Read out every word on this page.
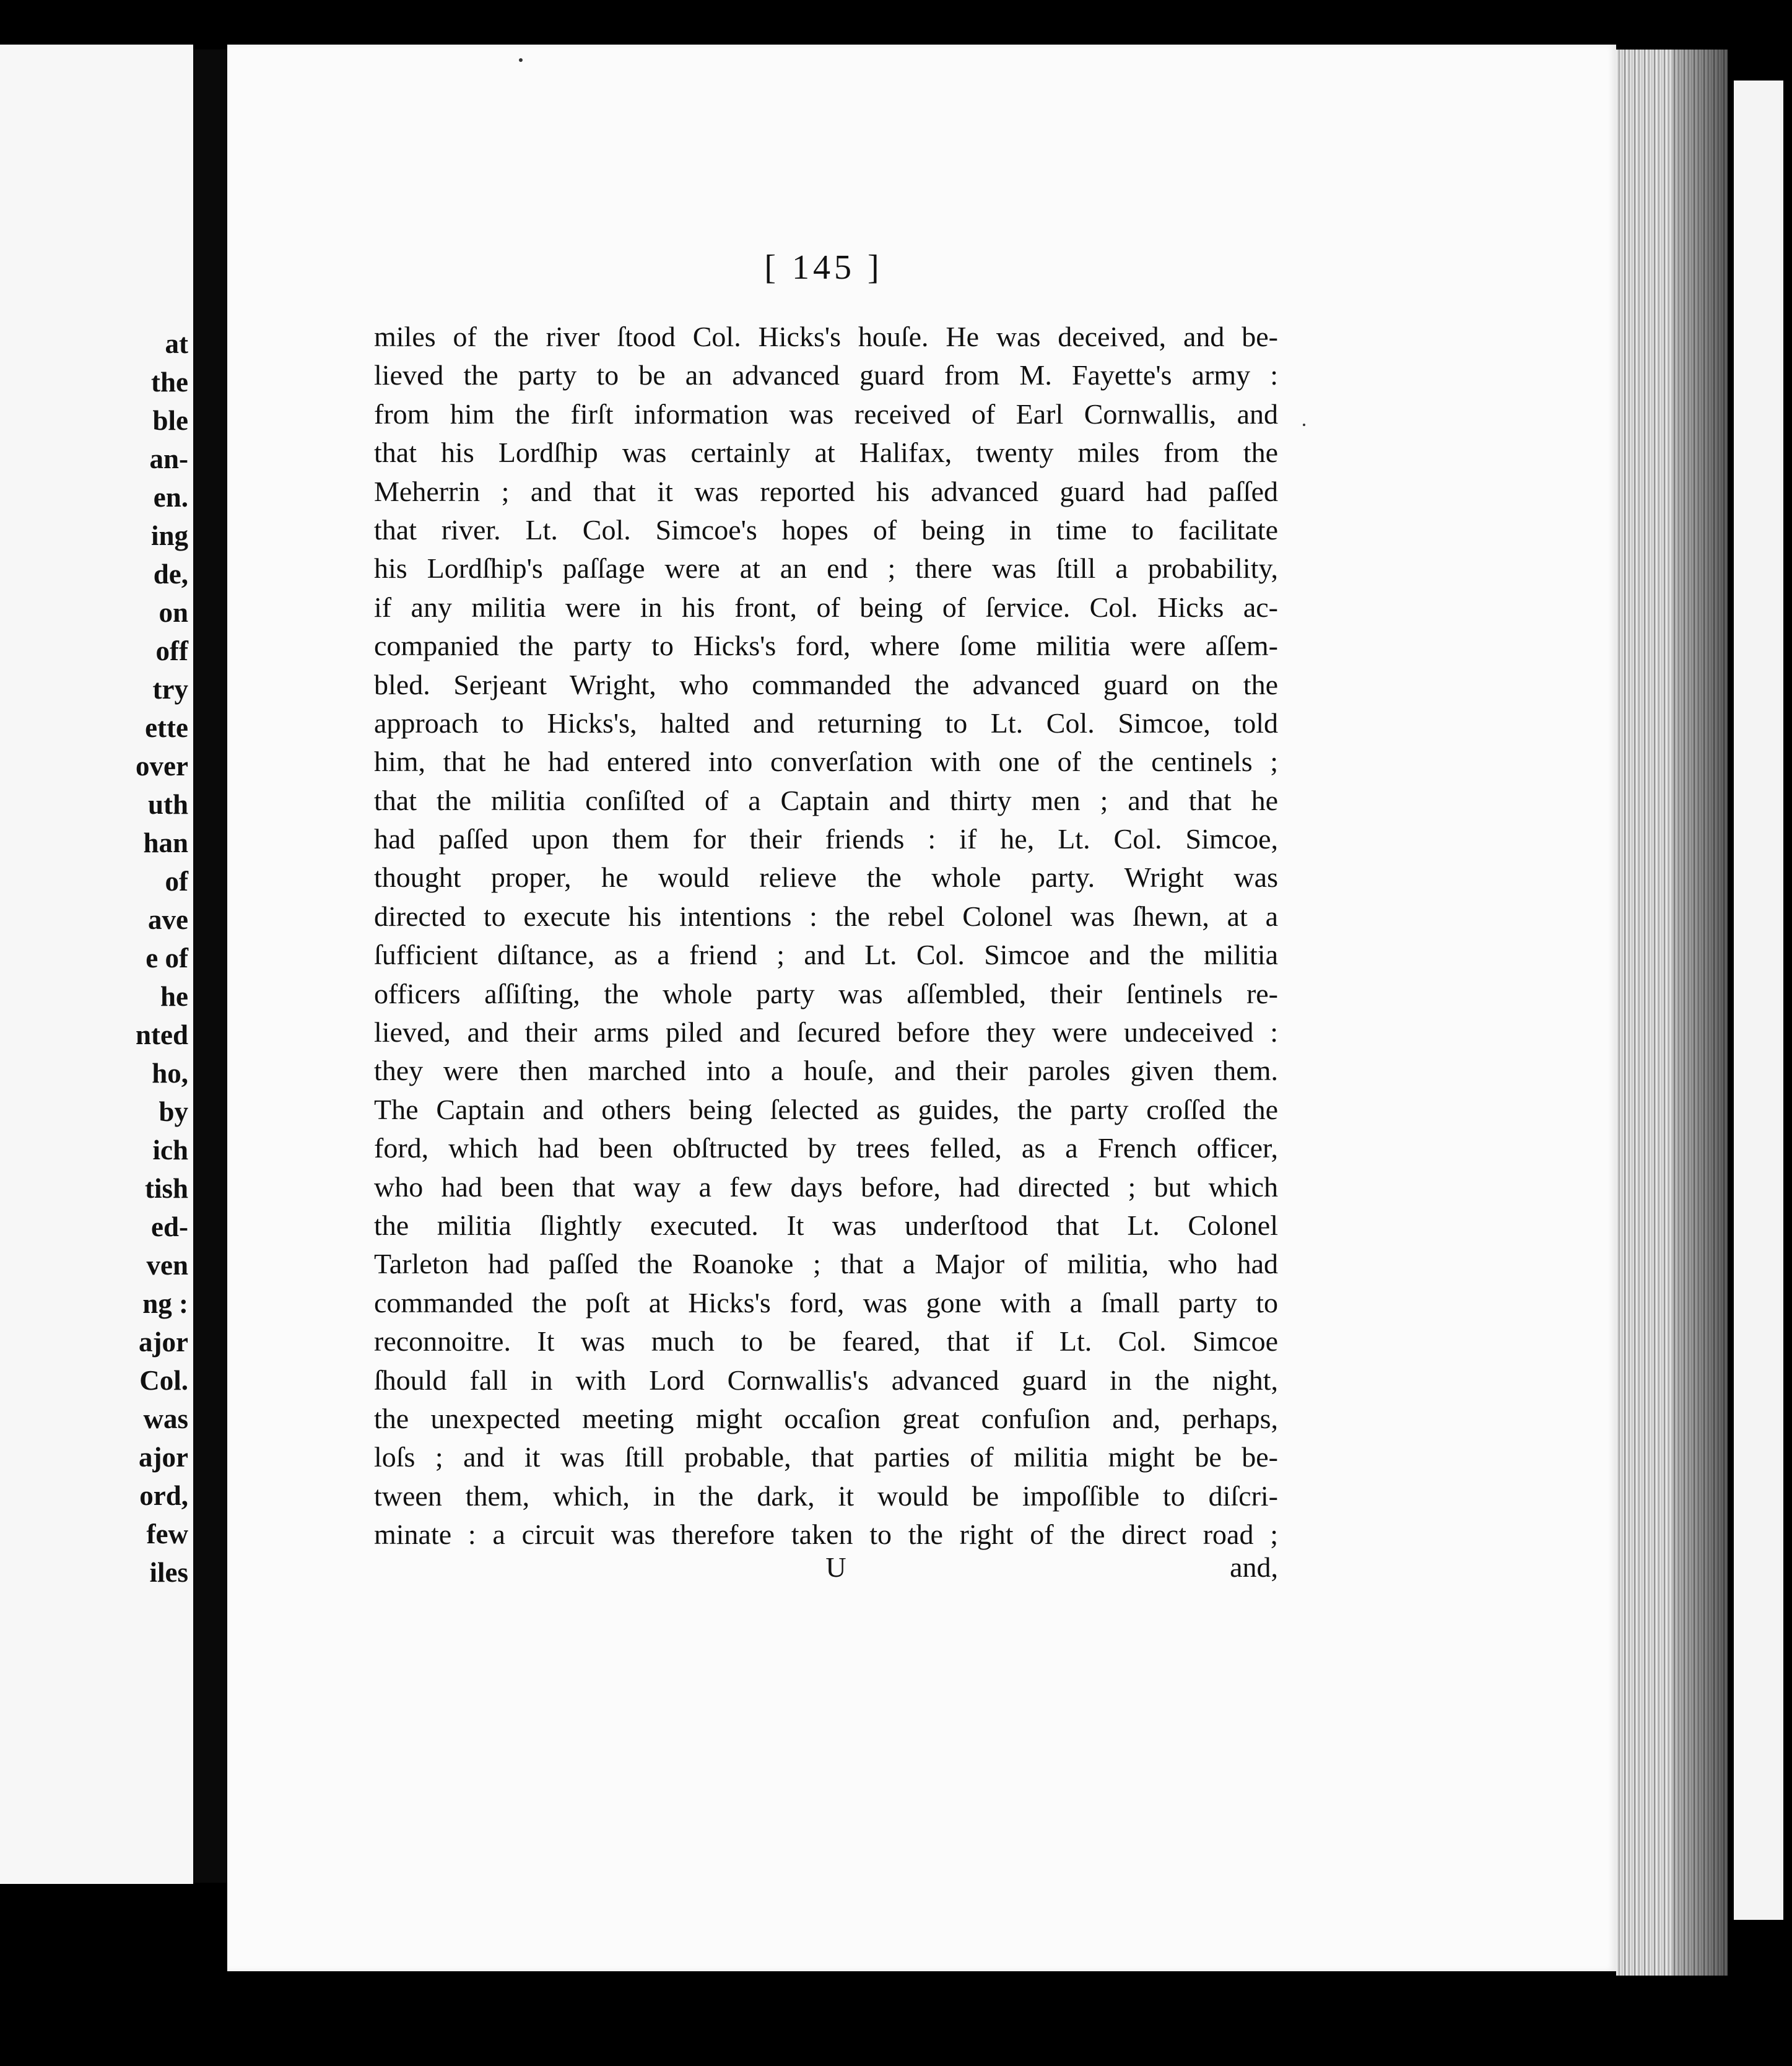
at
the
ble
an-
en.
ing
de,
on
off
try
ette
over
uth
han
of
ave
e of
he
nted
ho,
by
ich
tish
ed-
ven
ng :
ajor
Col.
was
ajor
ord,
few
iles
[ 145 ]
miles of the river ſtood Col. Hicks's houſe. He was deceived, and be-
lieved the party to be an advanced guard from M. Fayette's army :
from him the firſt information was received of Earl Cornwallis, and
that his Lordſhip was certainly at Halifax, twenty miles from the
Meherrin ; and that it was reported his advanced guard had paſſed
that river. Lt. Col. Simcoe's hopes of being in time to facilitate
his Lordſhip's paſſage were at an end ; there was ſtill a probability,
if any militia were in his front, of being of ſervice. Col. Hicks ac-
companied the party to Hicks's ford, where ſome militia were aſſem-
bled. Serjeant Wright, who commanded the advanced guard on the
approach to Hicks's, halted and returning to Lt. Col. Simcoe, told
him, that he had entered into converſation with one of the centinels ;
that the militia conſiſted of a Captain and thirty men ; and that he
had paſſed upon them for their friends : if he, Lt. Col. Simcoe,
thought proper, he would relieve the whole party. Wright was
directed to execute his intentions : the rebel Colonel was ſhewn, at a
ſufficient diſtance, as a friend ; and Lt. Col. Simcoe and the militia
officers aſſiſting, the whole party was aſſembled, their ſentinels re-
lieved, and their arms piled and ſecured before they were undeceived :
they were then marched into a houſe, and their paroles given them.
The Captain and others being ſelected as guides, the party croſſed the
ford, which had been obſtructed by trees felled, as a French officer,
who had been that way a few days before, had directed ; but which
the militia ſlightly executed. It was underſtood that Lt. Colonel
Tarleton had paſſed the Roanoke ; that a Major of militia, who had
commanded the poſt at Hicks's ford, was gone with a ſmall party to
reconnoitre. It was much to be feared, that if Lt. Col. Simcoe
ſhould fall in with Lord Cornwallis's advanced guard in the night,
the unexpected meeting might occaſion great confuſion and, perhaps,
loſs ; and it was ſtill probable, that parties of militia might be be-
tween them, which, in the dark, it would be impoſſible to diſcri-
minate : a circuit was therefore taken to the right of the direct road ;
U	and,
